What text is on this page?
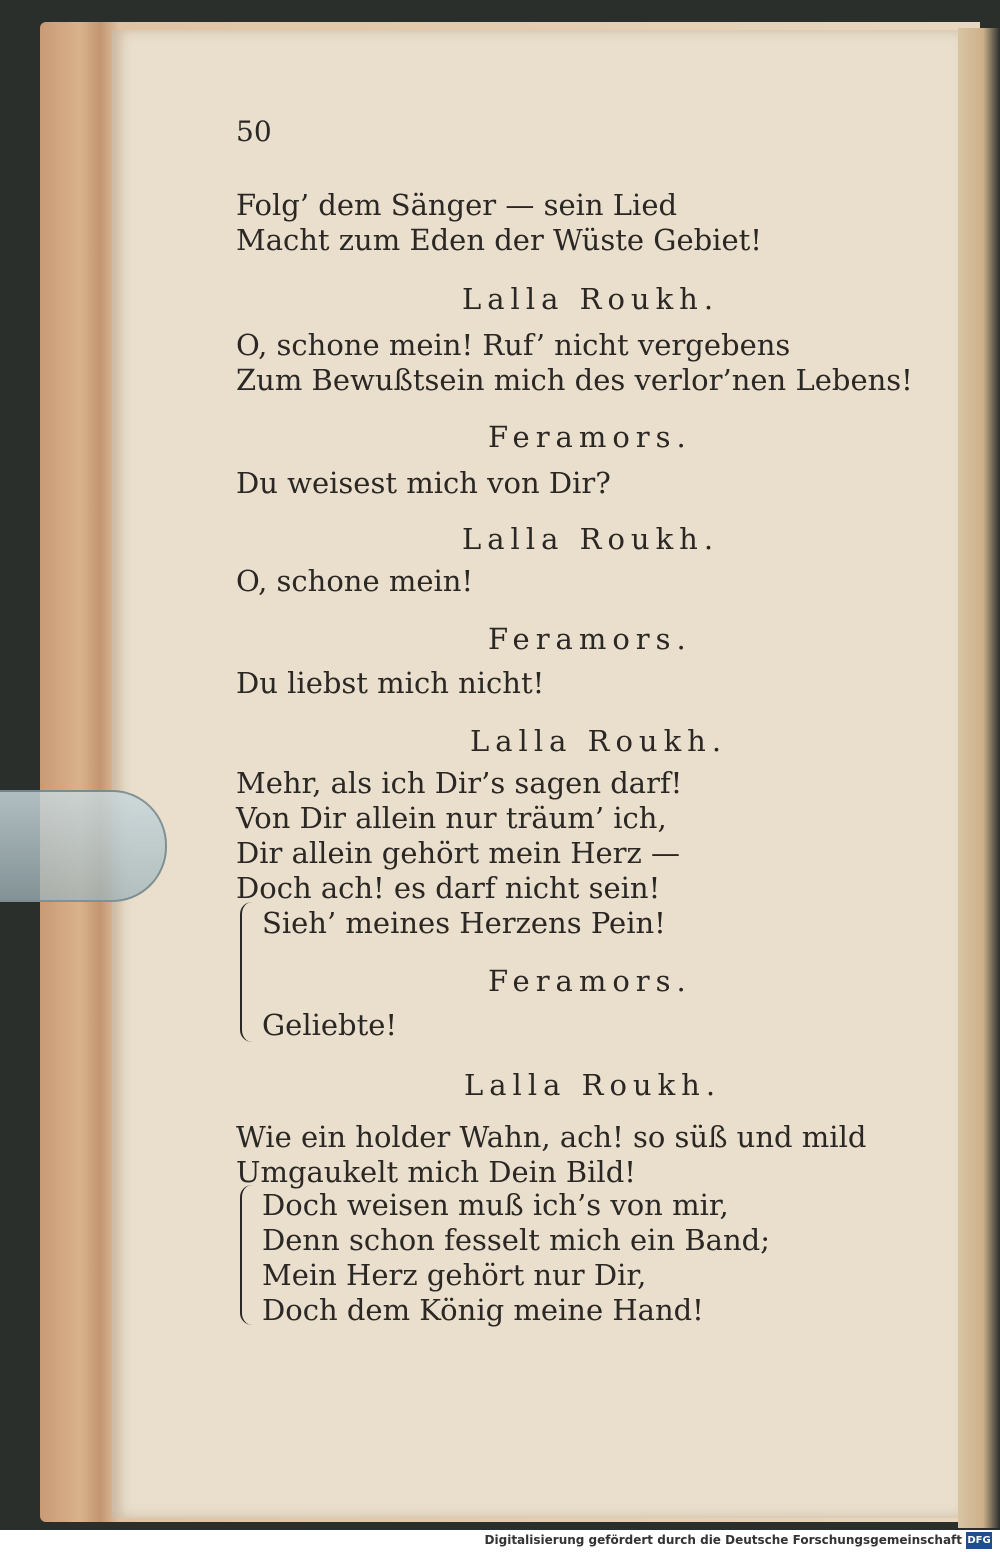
50
Folg’ dem Sänger — sein Lied
Macht zum Eden der Wüste Gebiet!
Lalla Roukh.
O, schone mein! Ruf’ nicht vergebens
Zum Bewußtsein mich des verlor’nen Lebens!
Feramors.
Du weisest mich von Dir?
Lalla Roukh.
O, schone mein!
Feramors.
Du liebst mich nicht!
Lalla Roukh.
Mehr, als ich Dir’s sagen darf!
Von Dir allein nur träum’ ich,
Dir allein gehört mein Herz —
Doch ach! es darf nicht sein!
Sieh’ meines Herzens Pein!
Feramors.
Geliebte!
Lalla Roukh.
Wie ein holder Wahn, ach! so süß und mild
Umgaukelt mich Dein Bild!
Doch weisen muß ich’s von mir,
Denn schon fesselt mich ein Band;
Mein Herz gehört nur Dir,
Doch dem König meine Hand!
Digitalisierung gefördert durch die Deutsche Forschungsgemeinschaft DFG
